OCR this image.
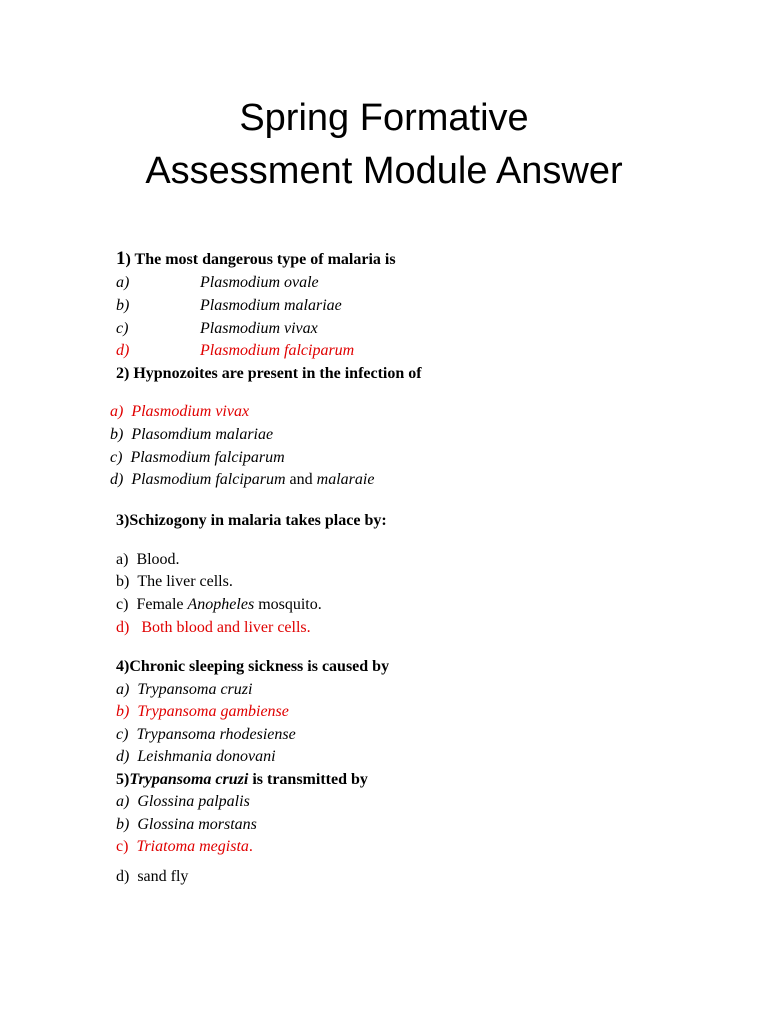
Spring Formative
Assessment Module Answer
1) The most dangerous type of malaria is
a)	Plasmodium ovale
b)	Plasmodium malariae
c)	Plasmodium vivax
d)	Plasmodium falciparum
2) Hypnozoites are present in the infection of
a) Plasmodium vivax
b) Plasomdium malariae
c) Plasmodium falciparum
d) Plasmodium falciparum and malaraie
3)Schizogony in malaria takes place by:
a) Blood.
b) The liver cells.
c) Female Anopheles mosquito.
d) Both blood and liver cells.
4)Chronic sleeping sickness is caused by
a) Trypansoma cruzi
b) Trypansoma gambiense
c) Trypansoma rhodesiense
d) Leishmania donovani
5)Trypansoma cruzi is transmitted by
a) Glossina palpalis
b) Glossina morstans
c) Triatoma megista.
d) sand fly
